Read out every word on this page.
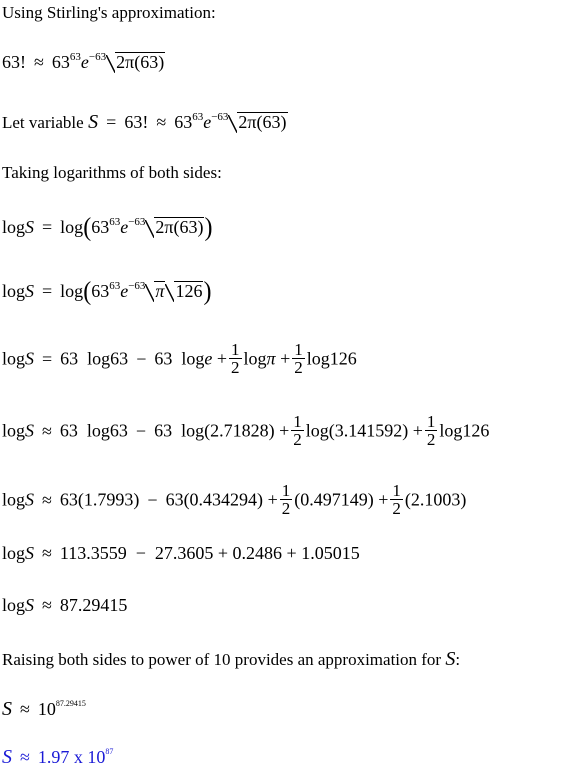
Using Stirling's approximation:
63! ≈ $63^{63}e^{-63}$ 2π(63)
Let variable S = 63! ≈ $63^{63}e^{-63}$ 2π(63)
Taking logarithms of both sides:
$\log S = \log(63^{63}e^{-63}$ 2π(63))
$\log S = \log(63^{63}e^{-63}$ π 126)
logS = 63  log63 − 63  $\log e + \frac{1}{2}$ $\log\pi + \frac{1}{2} \log 126$
logS ≈ 63  log63 − 63  $\log(2.71828) + \frac{1}{2} \log(3.141592) + \frac{1}{2} \log 126$
$\log S \approx 63(1.7993) - 63(0.434294) + \frac{1}{2} (0.497149) + \frac{1}{2} (2.1003)$
logS ≈ 113.3559  −  27.3605 + 0.2486 + 1.05015
logS ≈ 87.29415
Raising both sides to power of 10 provides an approximation for S:
$S \approx 10^{87.29415}$
S ≈ 1.97 x $10^{87}$
